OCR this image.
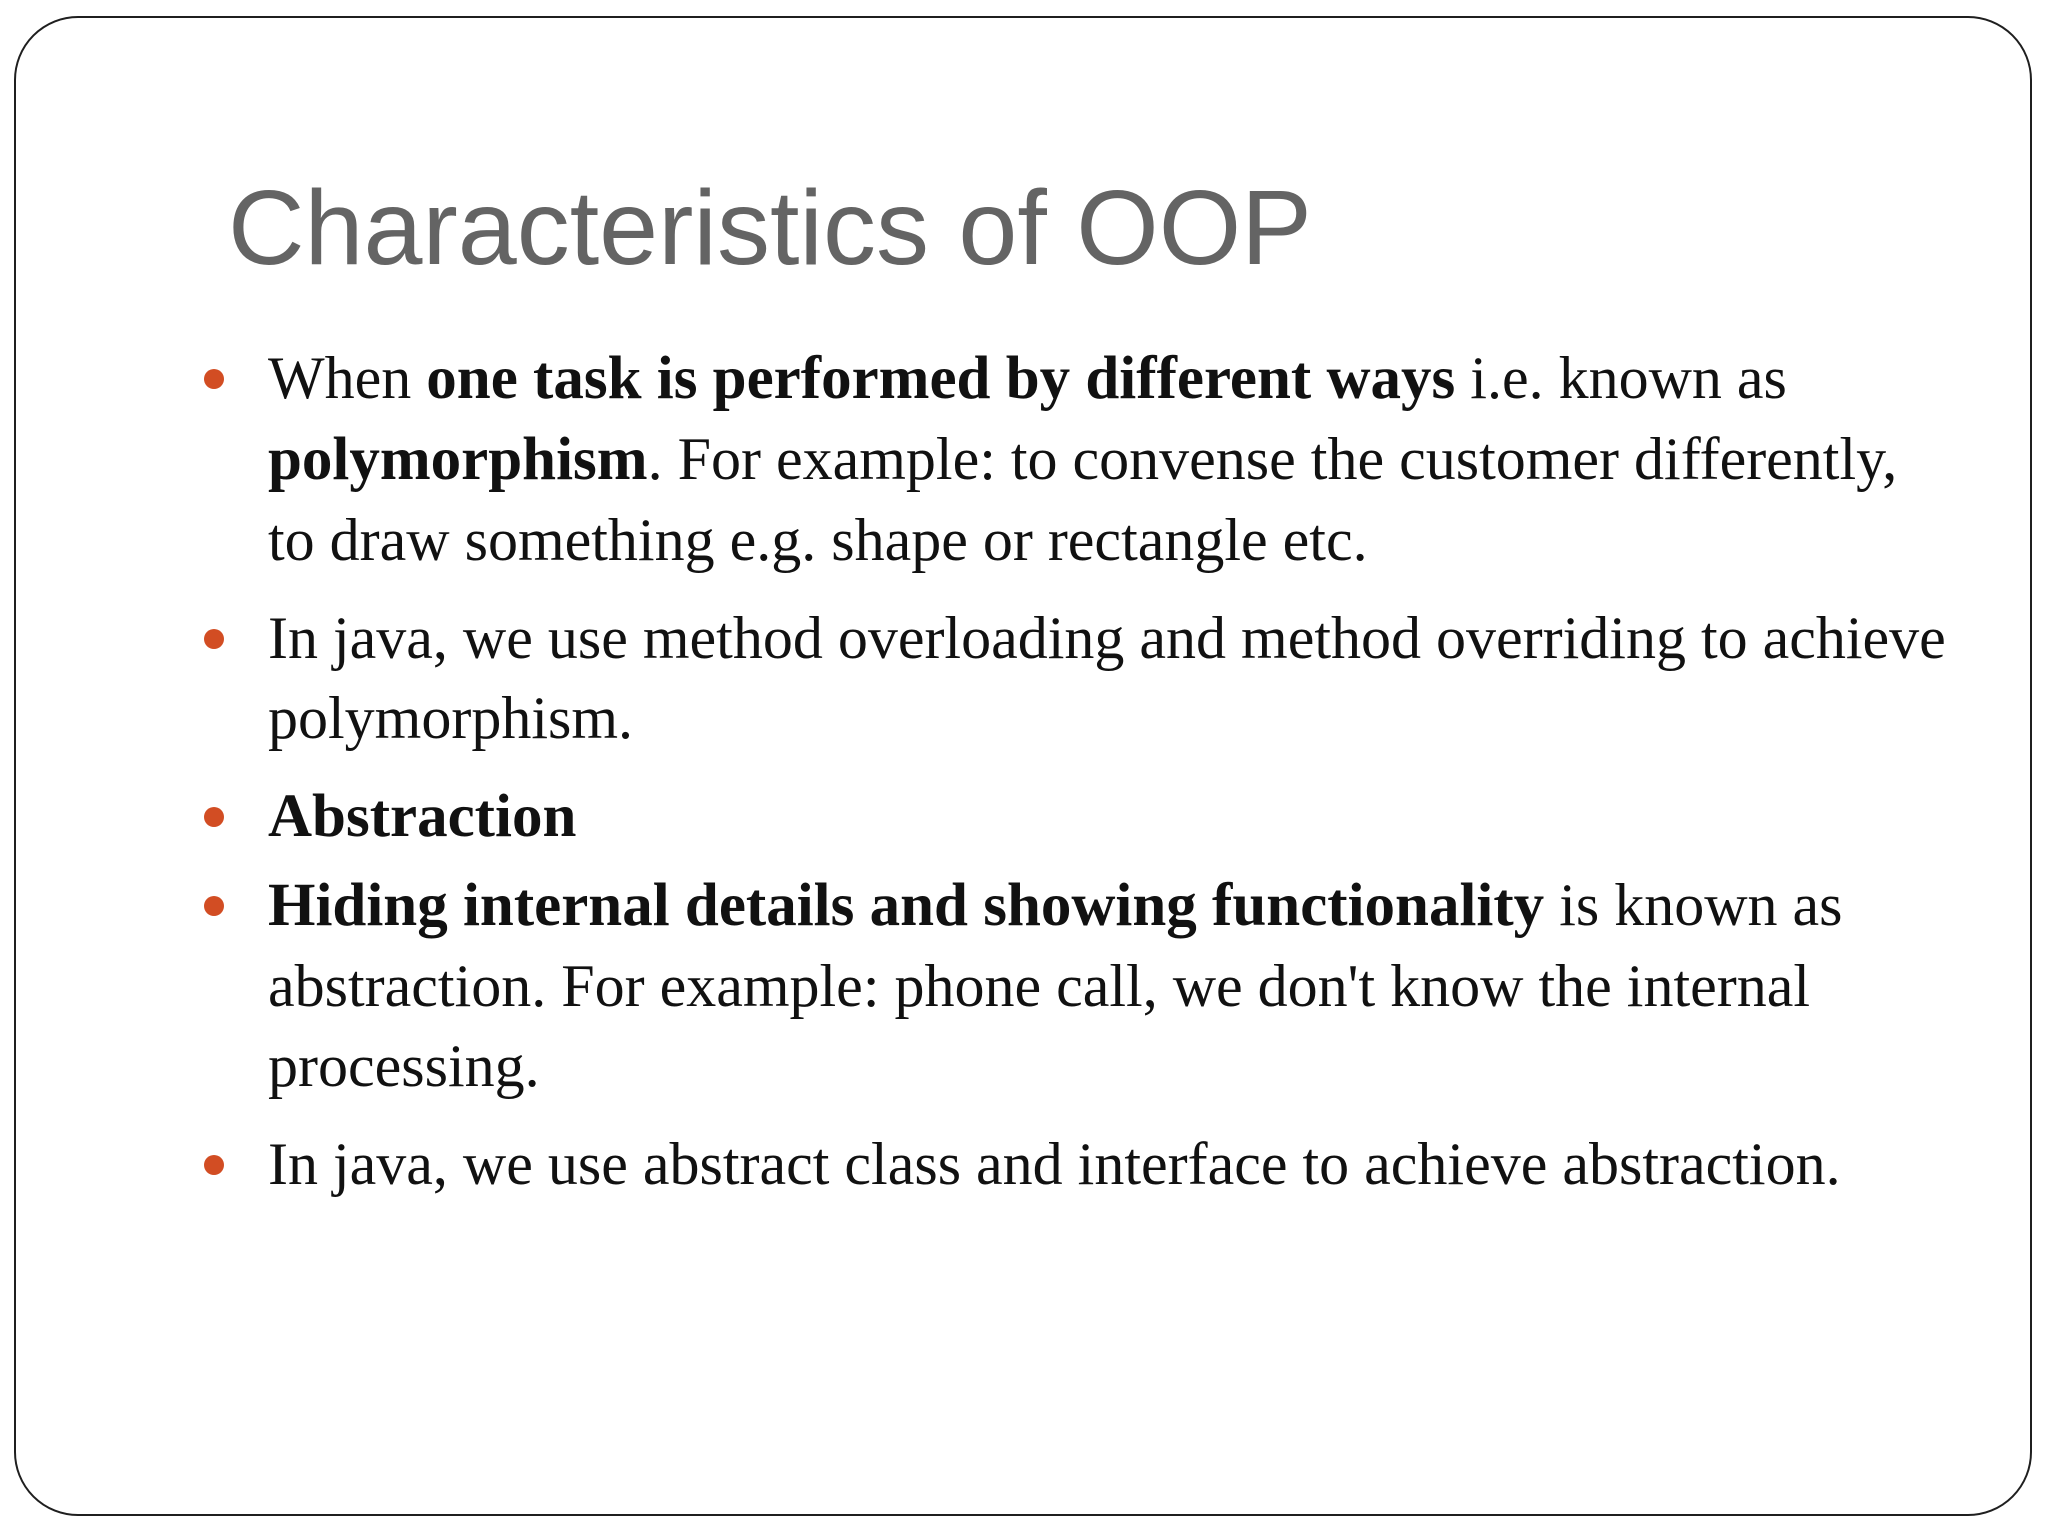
Characteristics of OOP
When one task is performed by different ways i.e. known as polymorphism. For example: to convense the customer differently, to draw something e.g. shape or rectangle etc.
In java, we use method overloading and method overriding to achieve polymorphism.
Abstraction
Hiding internal details and showing functionality is known as abstraction. For example: phone call, we don't know the internal processing.
In java, we use abstract class and interface to achieve abstraction.
